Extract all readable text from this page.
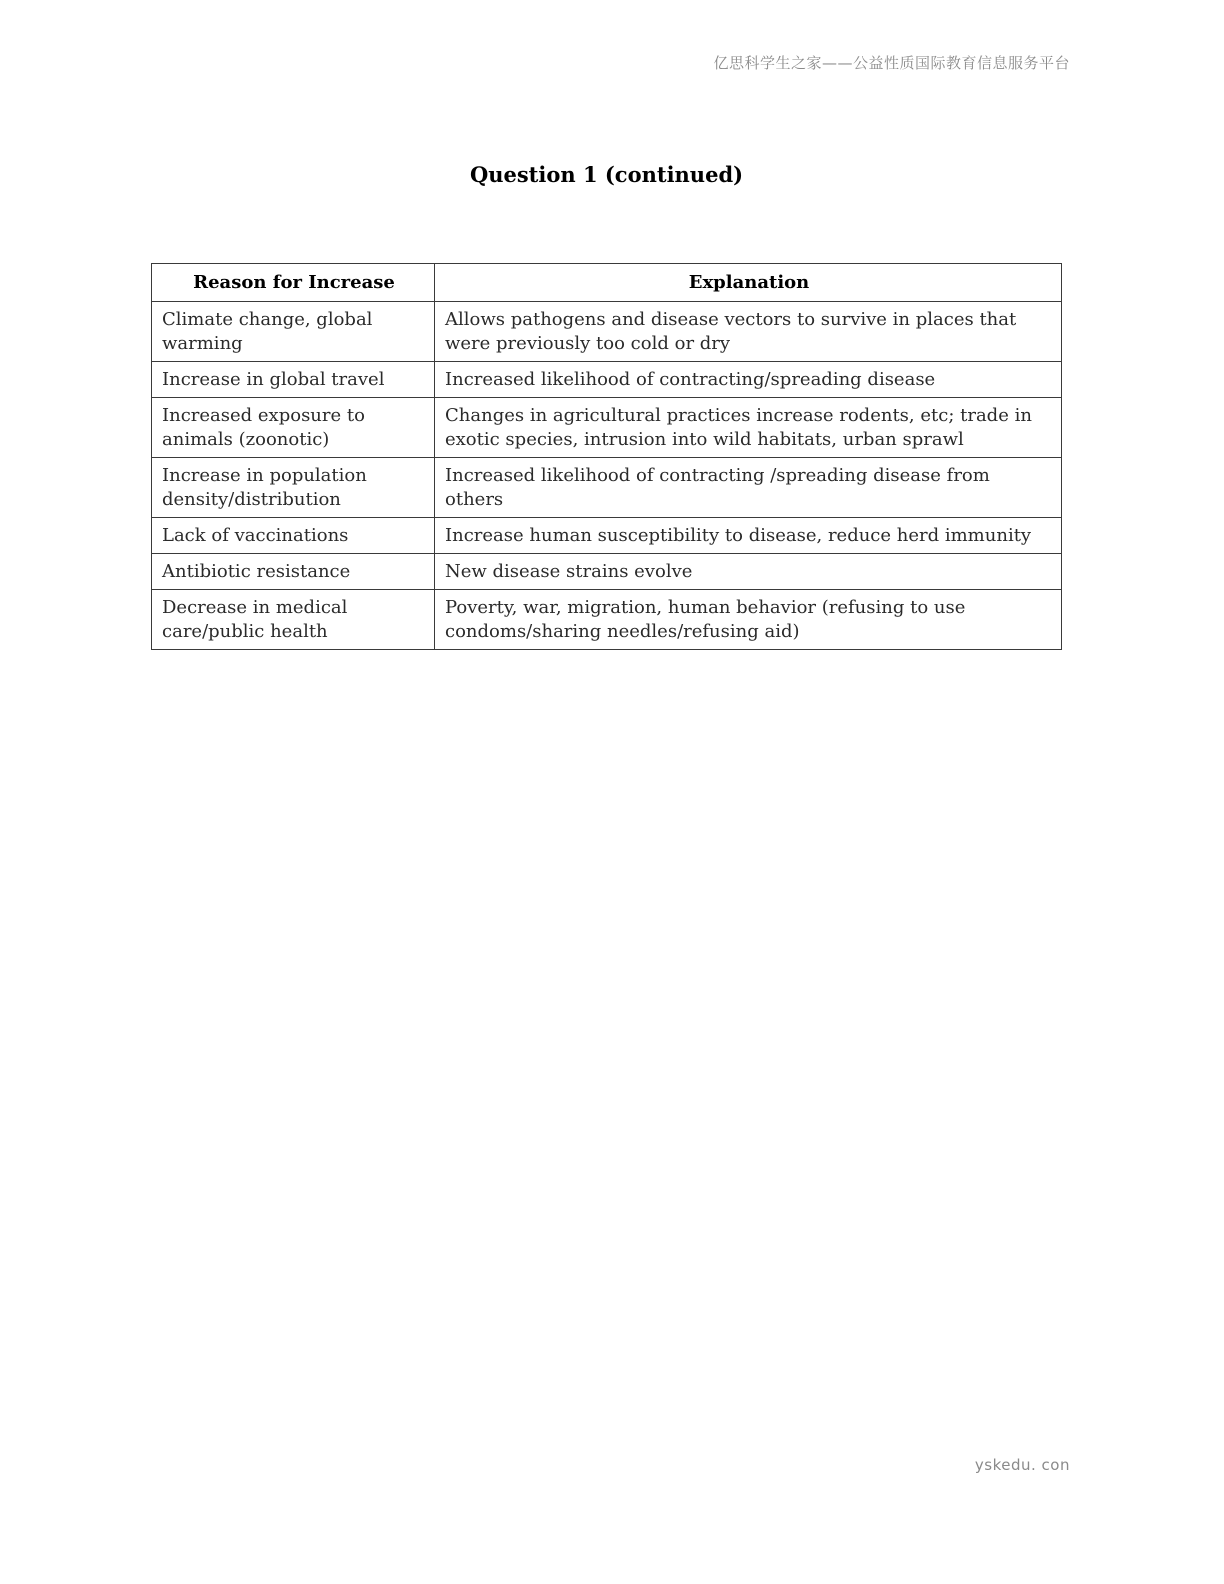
亿思科学生之家——公益性质国际教育信息服务平台
Question 1 (continued)
Reason for Increase	Explanation
Climate change, global warming	Allows pathogens and disease vectors to survive in places that were previously too cold or dry
Increase in global travel	Increased likelihood of contracting/spreading disease
Increased exposure to animals (zoonotic)	Changes in agricultural practices increase rodents, etc; trade in exotic species, intrusion into wild habitats, urban sprawl
Increase in population density/distribution	Increased likelihood of contracting /spreading disease from others
Lack of vaccinations	Increase human susceptibility to disease, reduce herd immunity
Antibiotic resistance	New disease strains evolve
Decrease in medical care/public health	Poverty, war, migration, human behavior (refusing to use condoms/sharing needles/refusing aid)
yskedu. con
